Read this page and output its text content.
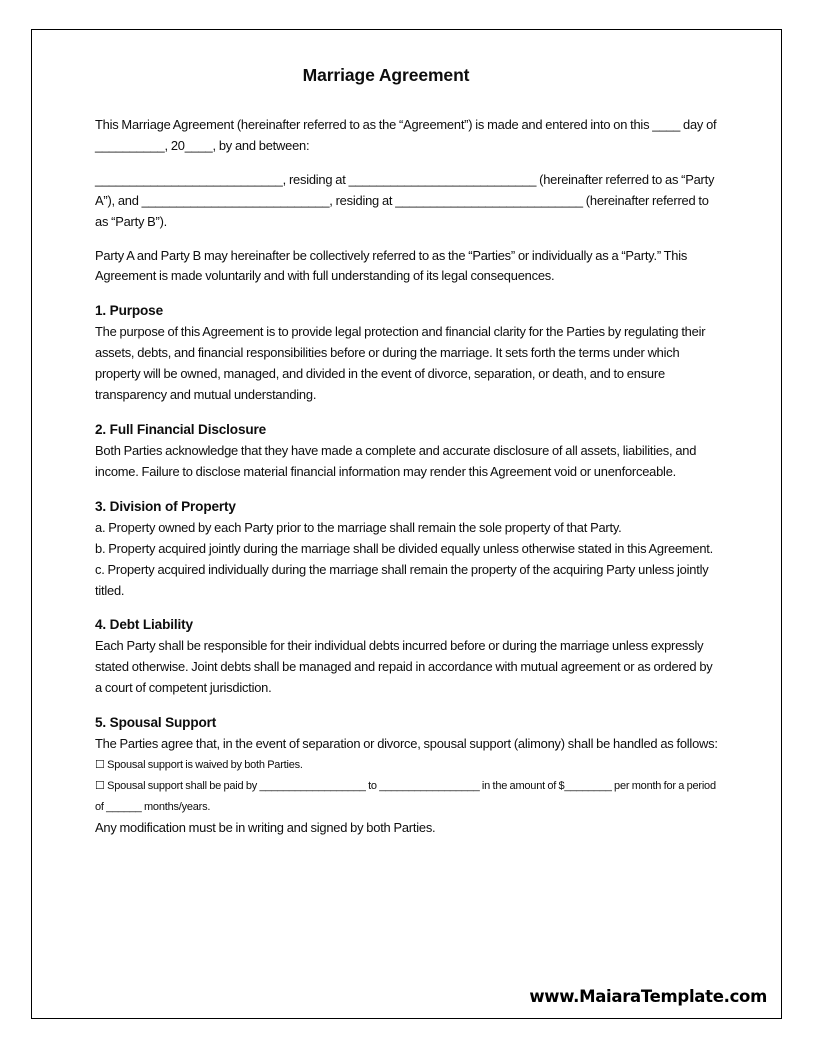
Marriage Agreement

This Marriage Agreement (hereinafter referred to as the “Agreement”) is made and entered into on this ____ day of __________, 20____, by and between:

___________________________, residing at ___________________________ (hereinafter referred to as “Party A”), and ___________________________, residing at ___________________________ (hereinafter referred to as “Party B”).

Party A and Party B may hereinafter be collectively referred to as the “Parties” or individually as a “Party.” This Agreement is made voluntarily and with full understanding of its legal consequences.

1. Purpose

The purpose of this Agreement is to provide legal protection and financial clarity for the Parties by regulating their assets, debts, and financial responsibilities before or during the marriage. It sets forth the terms under which property will be owned, managed, and divided in the event of divorce, separation, or death, and to ensure transparency and mutual understanding.

2. Full Financial Disclosure

Both Parties acknowledge that they have made a complete and accurate disclosure of all assets, liabilities, and income. Failure to disclose material financial information may render this Agreement void or unenforceable.

3. Division of Property

a. Property owned by each Party prior to the marriage shall remain the sole property of that Party.
b. Property acquired jointly during the marriage shall be divided equally unless otherwise stated in this Agreement.
c. Property acquired individually during the marriage shall remain the property of the acquiring Party unless jointly titled.

4. Debt Liability

Each Party shall be responsible for their individual debts incurred before or during the marriage unless expressly stated otherwise. Joint debts shall be managed and repaid in accordance with mutual agreement or as ordered by a court of competent jurisdiction.

5. Spousal Support

The Parties agree that, in the event of separation or divorce, spousal support (alimony) shall be handled as follows:
☐ Spousal support is waived by both Parties.
☐ Spousal support shall be paid by __________________ to _________________ in the amount of $________ per month for a period of ______ months/years.
Any modification must be in writing and signed by both Parties.

www.MaiaraTemplate.com
